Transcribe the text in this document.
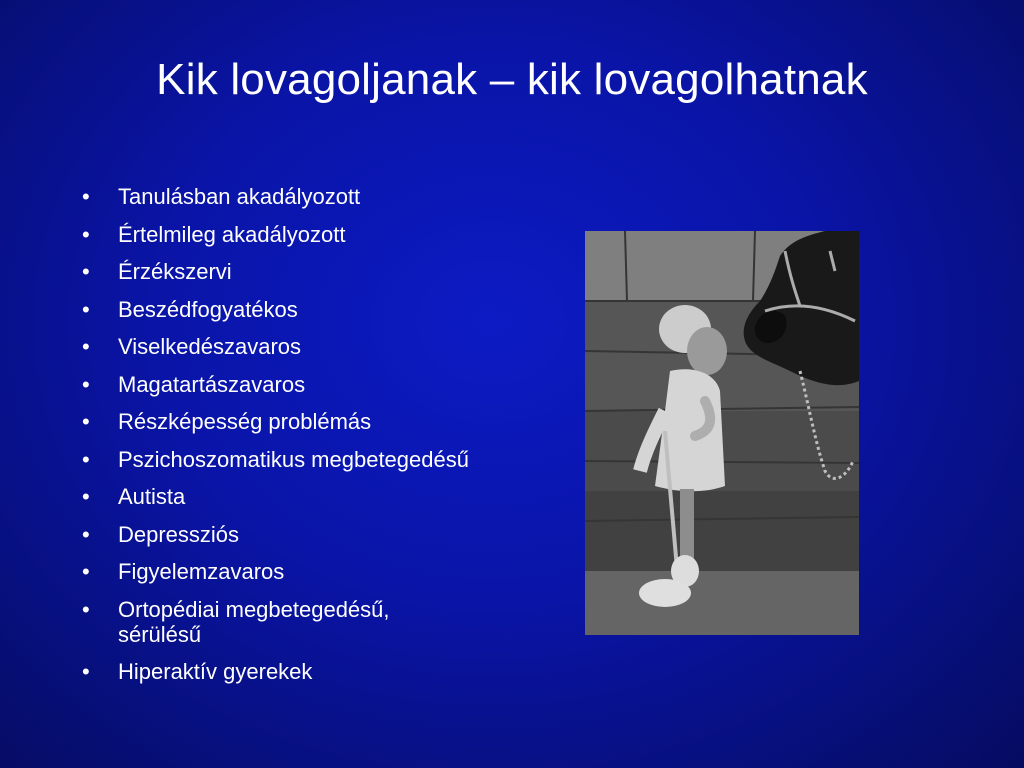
Kik lovagoljanak – kik lovagolhatnak
•	Tanulásban akadályozott
•	Értelmileg akadályozott
•	Érzékszervi
•	Beszédfogyatékos
•	Viselkedészavaros
•	Magatartászavaros
•	Részképesség problémás
•	Pszichoszomatikus megbetegedésű
•	Autista
•	Depressziós
•	Figyelemzavaros
•	Ortopédiai megbetegedésű, sérülésű
•	Hiperaktív gyerekek
